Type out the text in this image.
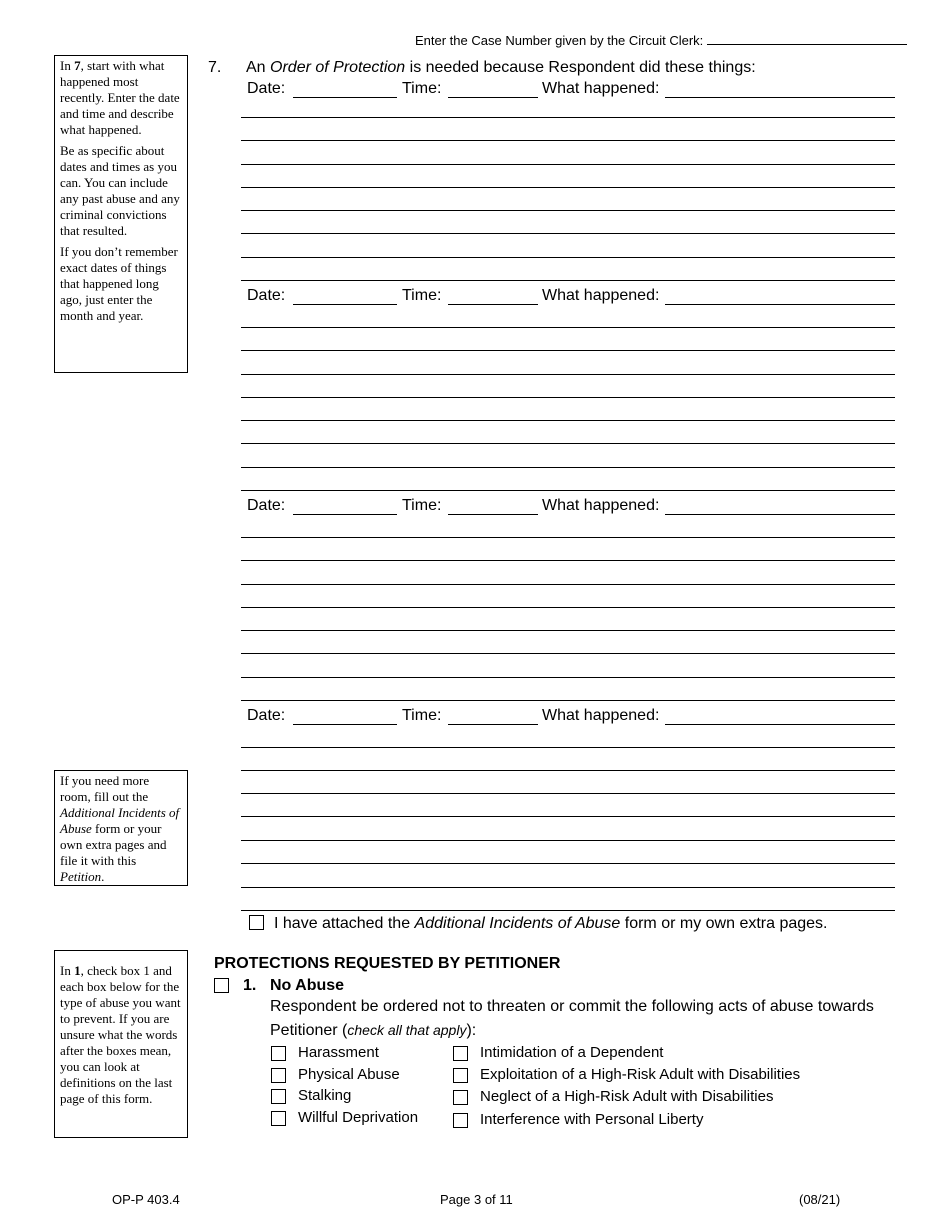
Enter the Case Number given by the Circuit Clerk:

In 7, start with what happened most recently. Enter the date and time and describe what happened.

Be as specific about dates and times as you can. You can include any past abuse and any criminal convictions that resulted.

If you don’t remember exact dates of things that happened long ago, just enter the month and year.

If you need more room, fill out the Additional Incidents of Abuse form or your own extra pages and file it with this Petition.

In 1, check box 1 and each box below for the type of abuse you want to prevent. If you are unsure what the words after the boxes mean, you can look at definitions on the last page of this form.

7. An Order of Protection is needed because Respondent did these things:
Date:	Time:	What happened:
Date:	Time:	What happened:
Date:	Time:	What happened:
Date:	Time:	What happened:
I have attached the Additional Incidents of Abuse form or my own extra pages.
PROTECTIONS REQUESTED BY PETITIONER
1. No Abuse
Respondent be ordered not to threaten or commit the following acts of abuse towards
Petitioner (check all that apply):
Harassment
Physical Abuse
Stalking
Willful Deprivation
Intimidation of a Dependent
Exploitation of a High-Risk Adult with Disabilities
Neglect of a High-Risk Adult with Disabilities
Interference with Personal Liberty
OP-P 403.4	Page 3 of 11	(08/21)
